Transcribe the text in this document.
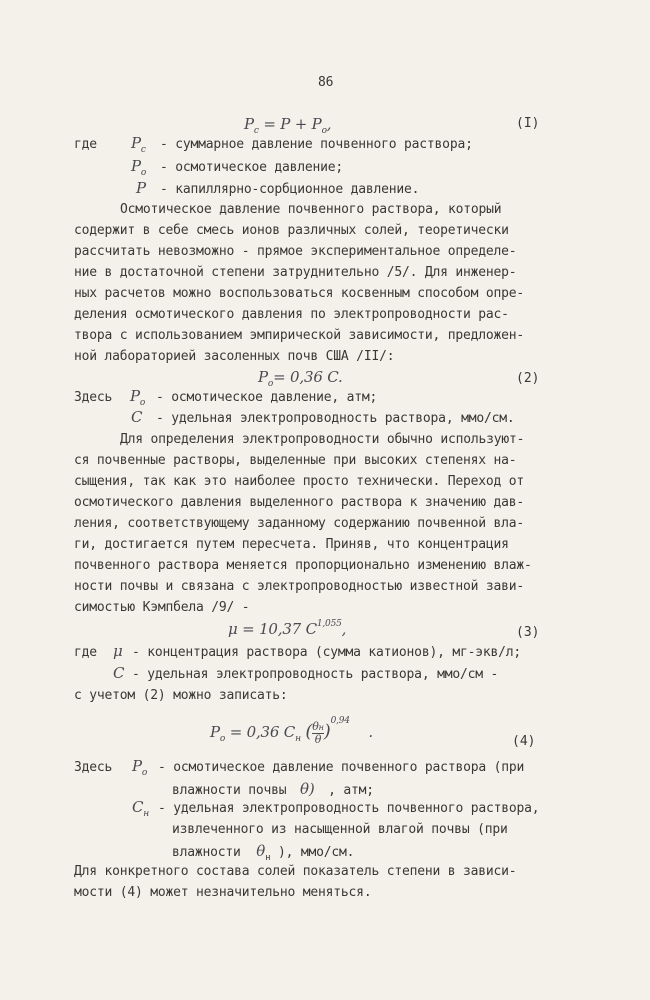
86
$P_c = P + P_o$,	(I)
где $P_c$ - суммарное давление почвенного раствора;
$P_o$ - осмотическое давление;
P - капиллярно-сорбционное давление.
Осмотическое давление почвенного раствора, который
содержит в себе смесь ионов различных солей, теоретически
рассчитать невозможно - прямое экспериментальное определе-
ние в достаточной степени затруднительно /5/. Для инженер-
ных расчетов можно воспользоваться косвенным способом опре-
деления осмотического давления по электропроводности рас-
твора с использованием эмпирической зависимости, предложен-
ной лабораторией засоленных почв США /II/:
$P_o= 0,36$ C.	(2)
Здесь $P_o$ - осмотическое давление, атм;
C - удельная электропроводность раствора, ммо/см.
Для определения электропроводности обычно используют-
ся почвенные растворы, выделенные при высоких степенях на-
сыщения, так как это наиболее просто технически. Переход от
осмотического давления выделенного раствора к значению дав-
ления, соответствующему заданному содержанию почвенной вла-
ги, достигается путем пересчета. Приняв, что концентрация
почвенного раствора меняется пропорционально изменению влаж-
ности почвы и связана с электропроводностью известной зави-
симостью Кэмпбела /9/ -
μ = 10,37 C$^{1,055}$,	(3)
где μ - концентрация раствора (сумма катионов), мг-экв/л;
C - удельная электропроводность раствора, ммо/см -
с учетом (2) можно записать:
$P_o = 0,36$ $C_н$ $(\frac{\theta н}{\theta})^{0,94}$ .
(4)
Здесь $P_o$ - осмотическое давление почвенного раствора (при
влажности почвы θ) , атм;
$C_н$ - удельная электропроводность почвенного раствора,
извлеченного из насыщенной влагой почвы (при
влажности $\theta_н$ ), ммо/см.
Для конкретного состава солей показатель степени в зависи-
мости (4) может незначительно меняться.
